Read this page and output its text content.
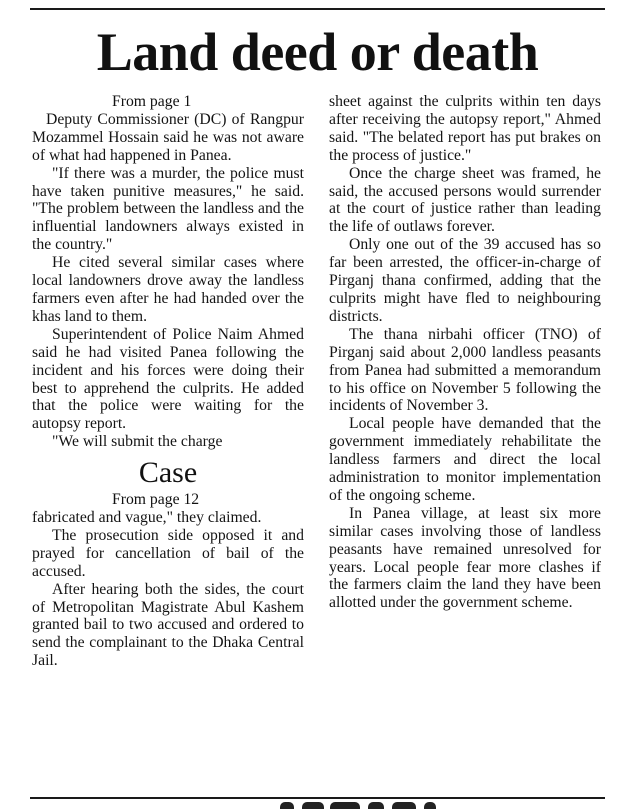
Land deed or death

From page 1

Deputy Commissioner (DC) of Rangpur Mozammel Hossain said he was not aware of what had happened in Panea.

"If there was a murder, the police must have taken punitive measures," he said. "The problem between the landless and the influential landowners always existed in the country."

He cited several similar cases where local landowners drove away the landless farmers even after he had handed over the khas land to them.

Superintendent of Police Naim Ahmed said he had visited Panea following the incident and his forces were doing their best to apprehend the culprits. He added that the police were waiting for the autopsy report.

"We will submit the charge

Case

From page 12

fabricated and vague," they claimed.

The prosecution side opposed it and prayed for cancellation of bail of the accused.

After hearing both the sides, the court of Metropolitan Magistrate Abul Kashem granted bail to two accused and ordered to send the complainant to the Dhaka Central Jail.

sheet against the culprits within ten days after receiving the autopsy report," Ahmed said. "The belated report has put brakes on the process of justice."

Once the charge sheet was framed, he said, the accused persons would surrender at the court of justice rather than leading the life of outlaws forever.

Only one out of the 39 accused has so far been arrested, the officer-in-charge of Pirganj thana confirmed, adding that the culprits might have fled to neighbouring districts.

The thana nirbahi officer (TNO) of Pirganj said about 2,000 landless peasants from Panea had submitted a memorandum to his office on November 5 following the incidents of November 3.

Local people have demanded that the government immediately rehabilitate the landless farmers and direct the local administration to monitor implementation of the ongoing scheme.

In Panea village, at least six more similar cases involving those of landless peasants have remained unresolved for years. Local people fear more clashes if the farmers claim the land they have been allotted under the government scheme.
